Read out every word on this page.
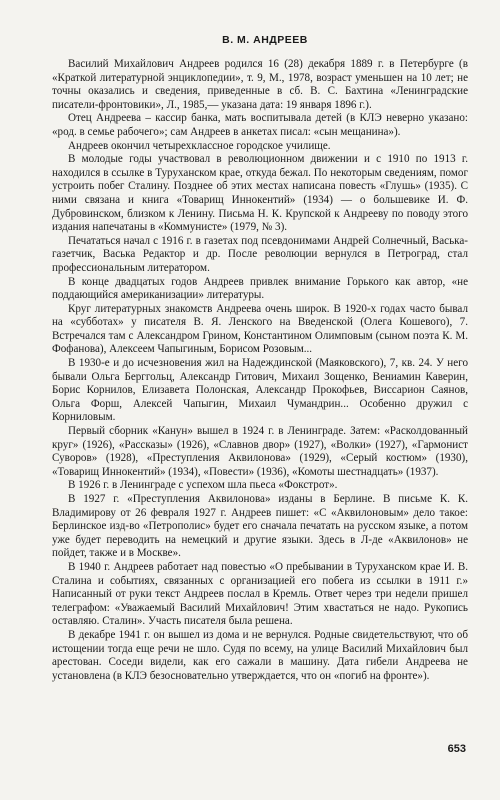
В. М. АНДРЕЕВ

Василий Михайлович Андреев родился 16 (28) декабря 1889 г. в Петербурге (в «Краткой литературной энциклопедии», т. 9, М., 1978, возраст уменьшен на 10 лет; не точны оказались и сведения, приведенные в сб. В. С. Бахтина «Ленинградские писатели-фронтовики», Л., 1985,— указана дата: 19 января 1896 г.).

Отец Андреева – кассир банка, мать воспитывала детей (в КЛЭ неверно указано: «род. в семье рабочего»; сам Андреев в анкетах писал: «сын мещанина»).

Андреев окончил четырехклассное городское училище.

В молодые годы участвовал в революционном движении и с 1910 по 1913 г. находился в ссылке в Туруханском крае, откуда бежал. По некоторым сведениям, помог устроить побег Сталину. Позднее об этих местах написана повесть «Глушь» (1935). С ними связана и книга «Товарищ Иннокентий» (1934) — о большевике И. Ф. Дубровинском, близком к Ленину. Письма Н. К. Крупской к Андрееву по поводу этого издания напечатаны в «Коммунисте» (1979, № 3).

Печататься начал с 1916 г. в газетах под псевдонимами Андрей Солнечный, Васька-газетчик, Васька Редактор и др. После революции вернулся в Петроград, стал профессиональным литератором.

В конце двадцатых годов Андреев привлек внимание Горького как автор, «не поддающийся американизации» литературы.

Круг литературных знакомств Андреева очень широк. В 1920-х годах часто бывал на «субботах» у писателя В. Я. Ленского на Введенской (Олега Кошевого), 7. Встречался там с Александром Грином, Константином Олимповым (сыном поэта К. М. Фофанова), Алексеем Чапыгиным, Борисом Розовым...

В 1930-е и до исчезновения жил на Надеждинской (Маяковского), 7, кв. 24. У него бывали Ольга Берггольц, Александр Гитович, Михаил Зощенко, Вениамин Каверин, Борис Корнилов, Елизавета Полонская, Александр Прокофьев, Виссарион Саянов, Ольга Форш, Алексей Чапыгин, Михаил Чумандрин... Особенно дружил с Корниловым.

Первый сборник «Канун» вышел в 1924 г. в Ленинграде. Затем: «Расколдованный круг» (1926), «Рассказы» (1926), «Славнов двор» (1927), «Волки» (1927), «Гармонист Суворов» (1928), «Преступления Аквилонова» (1929), «Серый костюм» (1930), «Товарищ Иннокентий» (1934), «Повести» (1936), «Комоты шестнадцать» (1937).

В 1926 г. в Ленинграде с успехом шла пьеса «Фокстрот».

В 1927 г. «Преступления Аквилонова» изданы в Берлине. В письме К. К. Владимирову от 26 февраля 1927 г. Андреев пишет: «С «Аквилоновым» дело такое: Берлинское изд-во «Петрополис» будет его сначала печатать на русском языке, а потом уже будет переводить на немецкий и другие языки. Здесь в Л-де «Аквилонов» не пойдет, также и в Москве».

В 1940 г. Андреев работает над повестью «О пребывании в Туруханском крае И. В. Сталина и событиях, связанных с организацией его побега из ссылки в 1911 г.» Написанный от руки текст Андреев послал в Кремль. Ответ через три недели пришел телеграфом: «Уважаемый Василий Михайлович! Этим хвастаться не надо. Рукопись оставляю. Сталин». Участь писателя была решена.

В декабре 1941 г. он вышел из дома и не вернулся. Родные свидетельствуют, что об истощении тогда еще речи не шло. Судя по всему, на улице Василий Михайлович был арестован. Соседи видели, как его сажали в машину. Дата гибели Андреева не установлена (в КЛЭ безосновательно утверждается, что он «погиб на фронте»).

653
